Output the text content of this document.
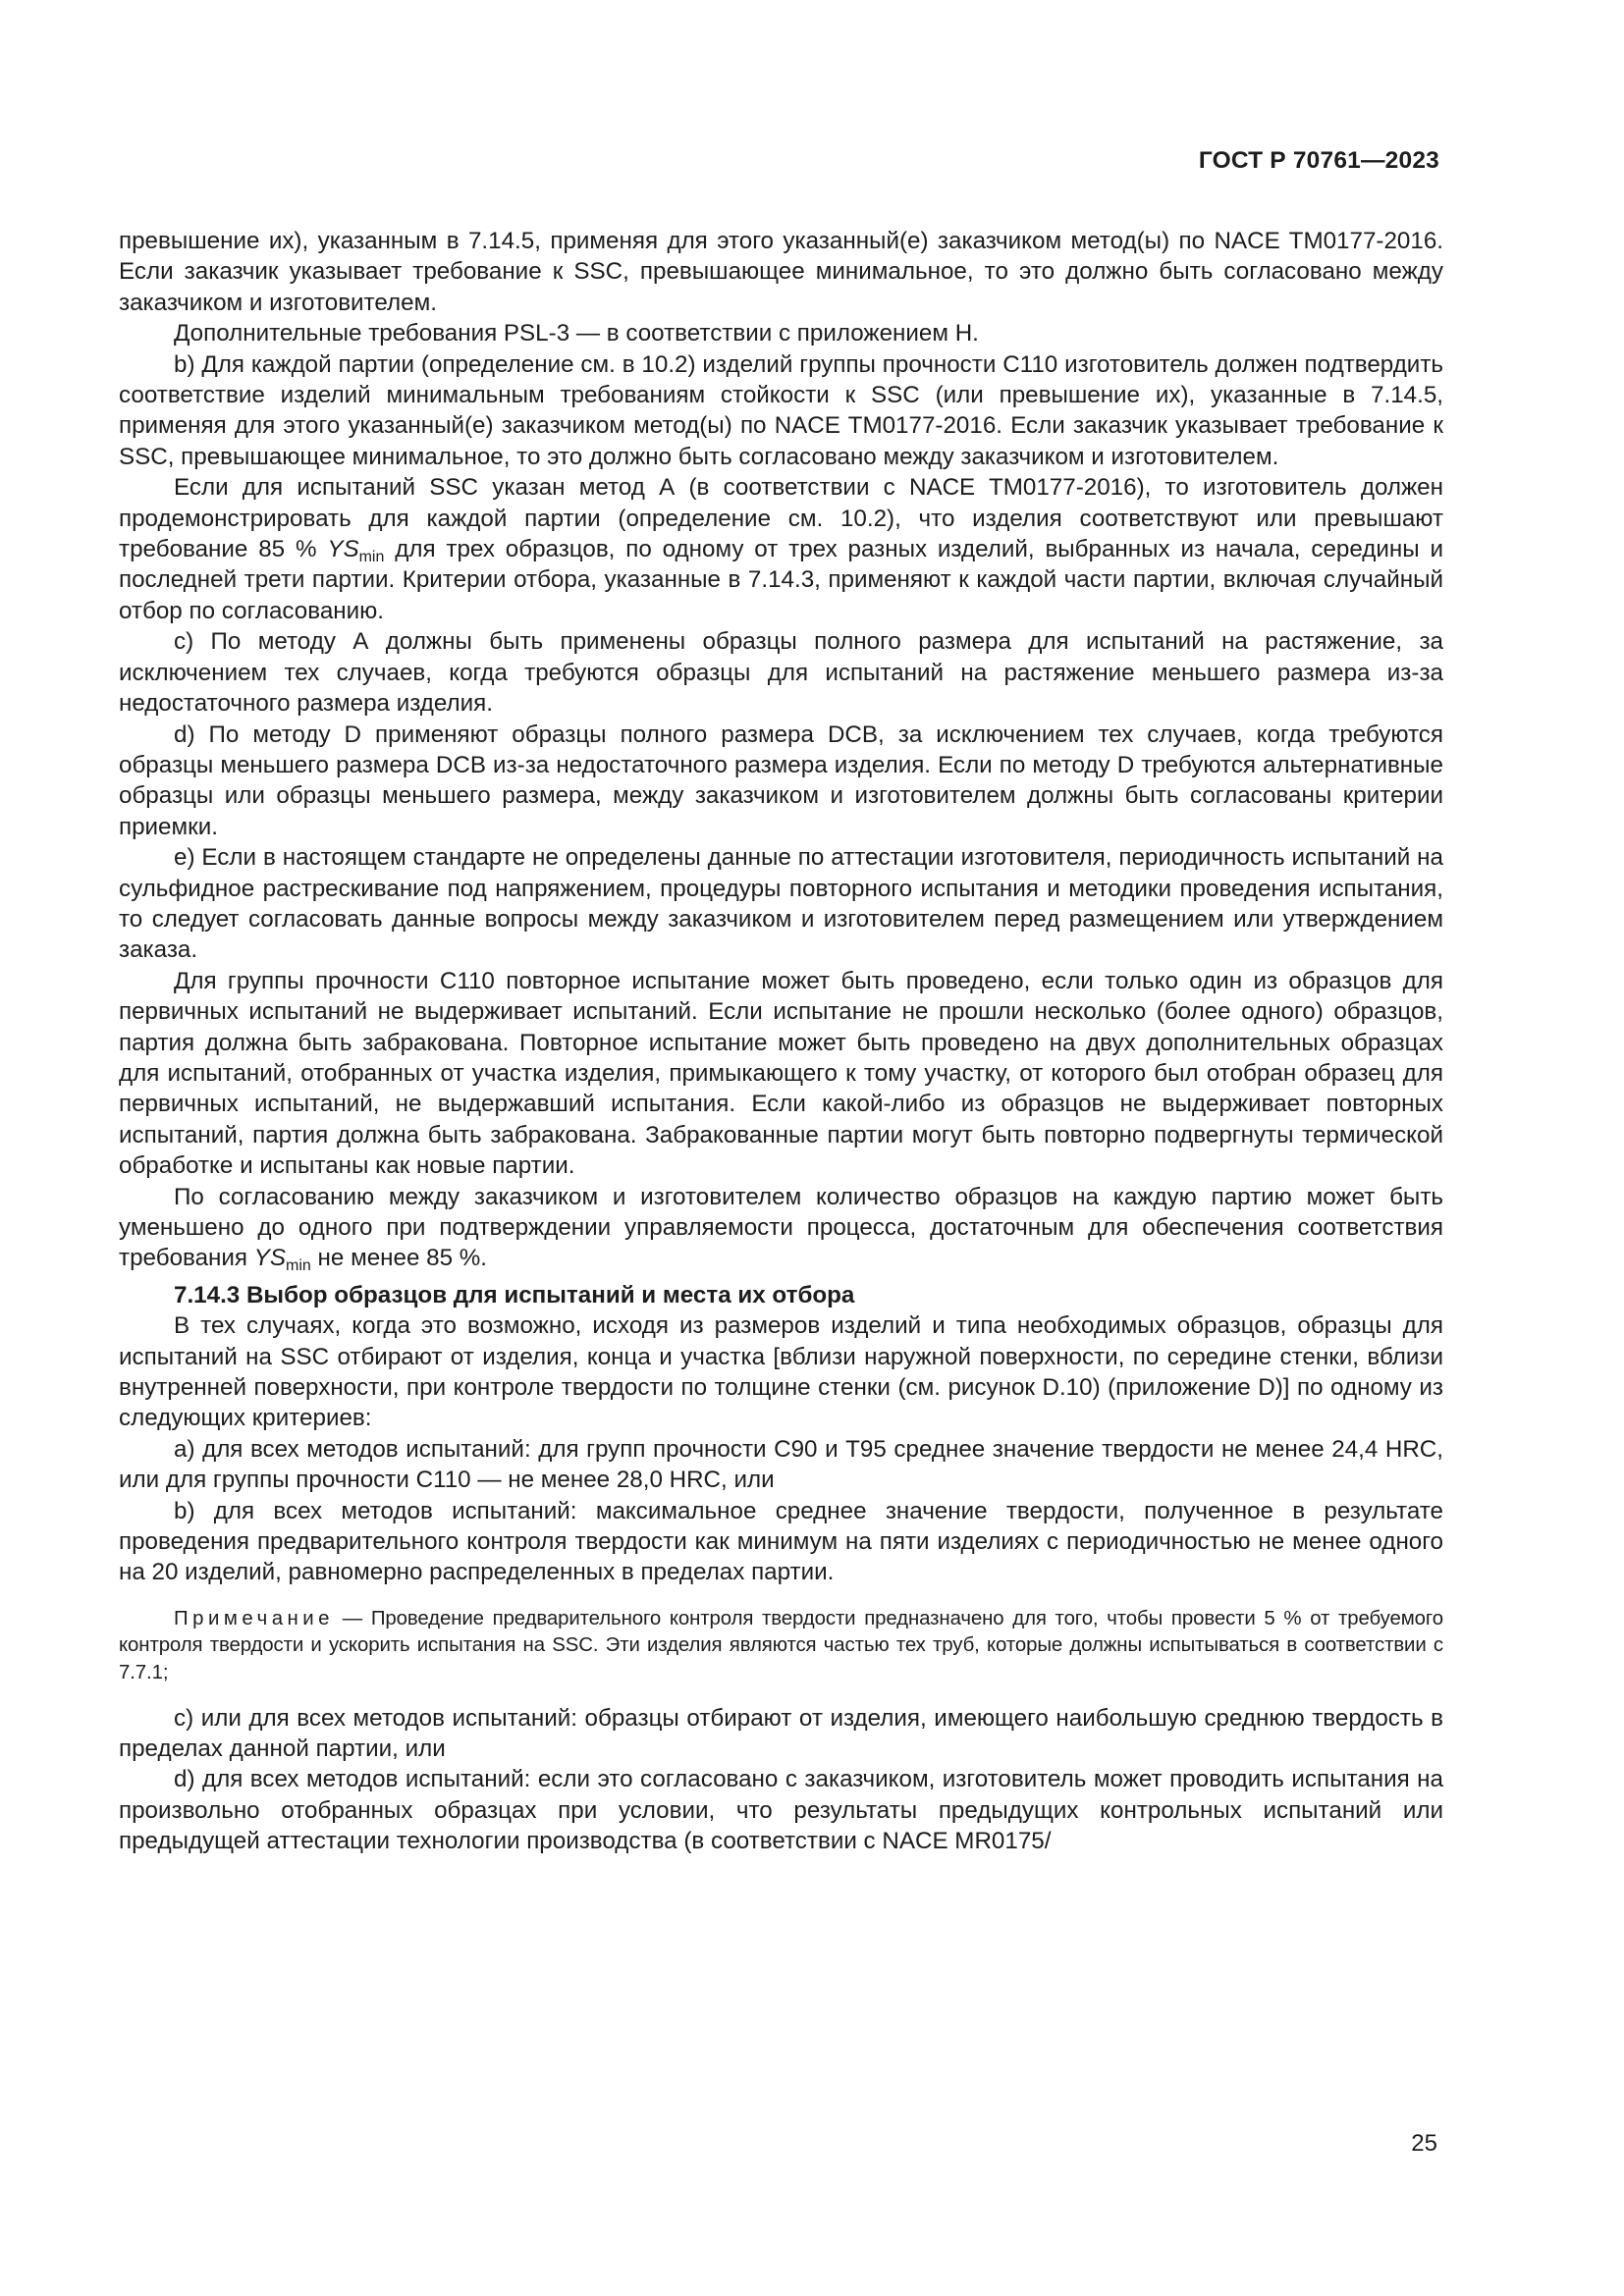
ГОСТ Р 70761—2023

превышение их), указанным в 7.14.5, применяя для этого указанный(е) заказчиком метод(ы) по NACE TM0177-2016. Если заказчик указывает требование к SSC, превышающее минимальное, то это должно быть согласовано между заказчиком и изготовителем.

Дополнительные требования PSL-3 — в соответствии с приложением H.

b) Для каждой партии (определение см. в 10.2) изделий группы прочности C110 изготовитель должен подтвердить соответствие изделий минимальным требованиям стойкости к SSC (или превышение их), указанные в 7.14.5, применяя для этого указанный(е) заказчиком метод(ы) по NACE TM0177-2016. Если заказчик указывает требование к SSC, превышающее минимальное, то это должно быть согласовано между заказчиком и изготовителем.

Если для испытаний SSC указан метод А (в соответствии с NACE TM0177-2016), то изготовитель должен продемонстрировать для каждой партии (определение см. 10.2), что изделия соответствуют или превышают требование 85 % $YS_{min}$ для трех образцов, по одному от трех разных изделий, выбранных из начала, середины и последней трети партии. Критерии отбора, указанные в 7.14.3, применяют к каждой части партии, включая случайный отбор по согласованию.

c) По методу А должны быть применены образцы полного размера для испытаний на растяжение, за исключением тех случаев, когда требуются образцы для испытаний на растяжение меньшего размера из-за недостаточного размера изделия.

d) По методу D применяют образцы полного размера DCB, за исключением тех случаев, когда требуются образцы меньшего размера DCB из-за недостаточного размера изделия. Если по методу D требуются альтернативные образцы или образцы меньшего размера, между заказчиком и изготовителем должны быть согласованы критерии приемки.

e) Если в настоящем стандарте не определены данные по аттестации изготовителя, периодичность испытаний на сульфидное растрескивание под напряжением, процедуры повторного испытания и методики проведения испытания, то следует согласовать данные вопросы между заказчиком и изготовителем перед размещением или утверждением заказа.

Для группы прочности C110 повторное испытание может быть проведено, если только один из образцов для первичных испытаний не выдерживает испытаний. Если испытание не прошли несколько (более одного) образцов, партия должна быть забракована. Повторное испытание может быть проведено на двух дополнительных образцах для испытаний, отобранных от участка изделия, примыкающего к тому участку, от которого был отобран образец для первичных испытаний, не выдержавший испытания. Если какой-либо из образцов не выдерживает повторных испытаний, партия должна быть забракована. Забракованные партии могут быть повторно подвергнуты термической обработке и испытаны как новые партии.

По согласованию между заказчиком и изготовителем количество образцов на каждую партию может быть уменьшено до одного при подтверждении управляемости процесса, достаточным для обеспечения соответствия требования $YS_{min}$ не менее 85 %.

7.14.3 Выбор образцов для испытаний и места их отбора

В тех случаях, когда это возможно, исходя из размеров изделий и типа необходимых образцов, образцы для испытаний на SSC отбирают от изделия, конца и участка [вблизи наружной поверхности, по середине стенки, вблизи внутренней поверхности, при контроле твердости по толщине стенки (см. рисунок D.10) (приложение D)] по одному из следующих критериев:

a) для всех методов испытаний: для групп прочности C90 и T95 среднее значение твердости не менее 24,4 HRC, или для группы прочности C110 — не менее 28,0 HRC, или

b) для всех методов испытаний: максимальное среднее значение твердости, полученное в результате проведения предварительного контроля твердости как минимум на пяти изделиях с периодичностью не менее одного на 20 изделий, равномерно распределенных в пределах партии.

Примечание — Проведение предварительного контроля твердости предназначено для того, чтобы провести 5 % от требуемого контроля твердости и ускорить испытания на SSC. Эти изделия являются частью тех труб, которые должны испытываться в соответствии с 7.7.1;

c) или для всех методов испытаний: образцы отбирают от изделия, имеющего наибольшую среднюю твердость в пределах данной партии, или

d) для всех методов испытаний: если это согласовано с заказчиком, изготовитель может проводить испытания на произвольно отобранных образцах при условии, что результаты предыдущих контрольных испытаний или предыдущей аттестации технологии производства (в соответствии с NACE MR0175/

25
